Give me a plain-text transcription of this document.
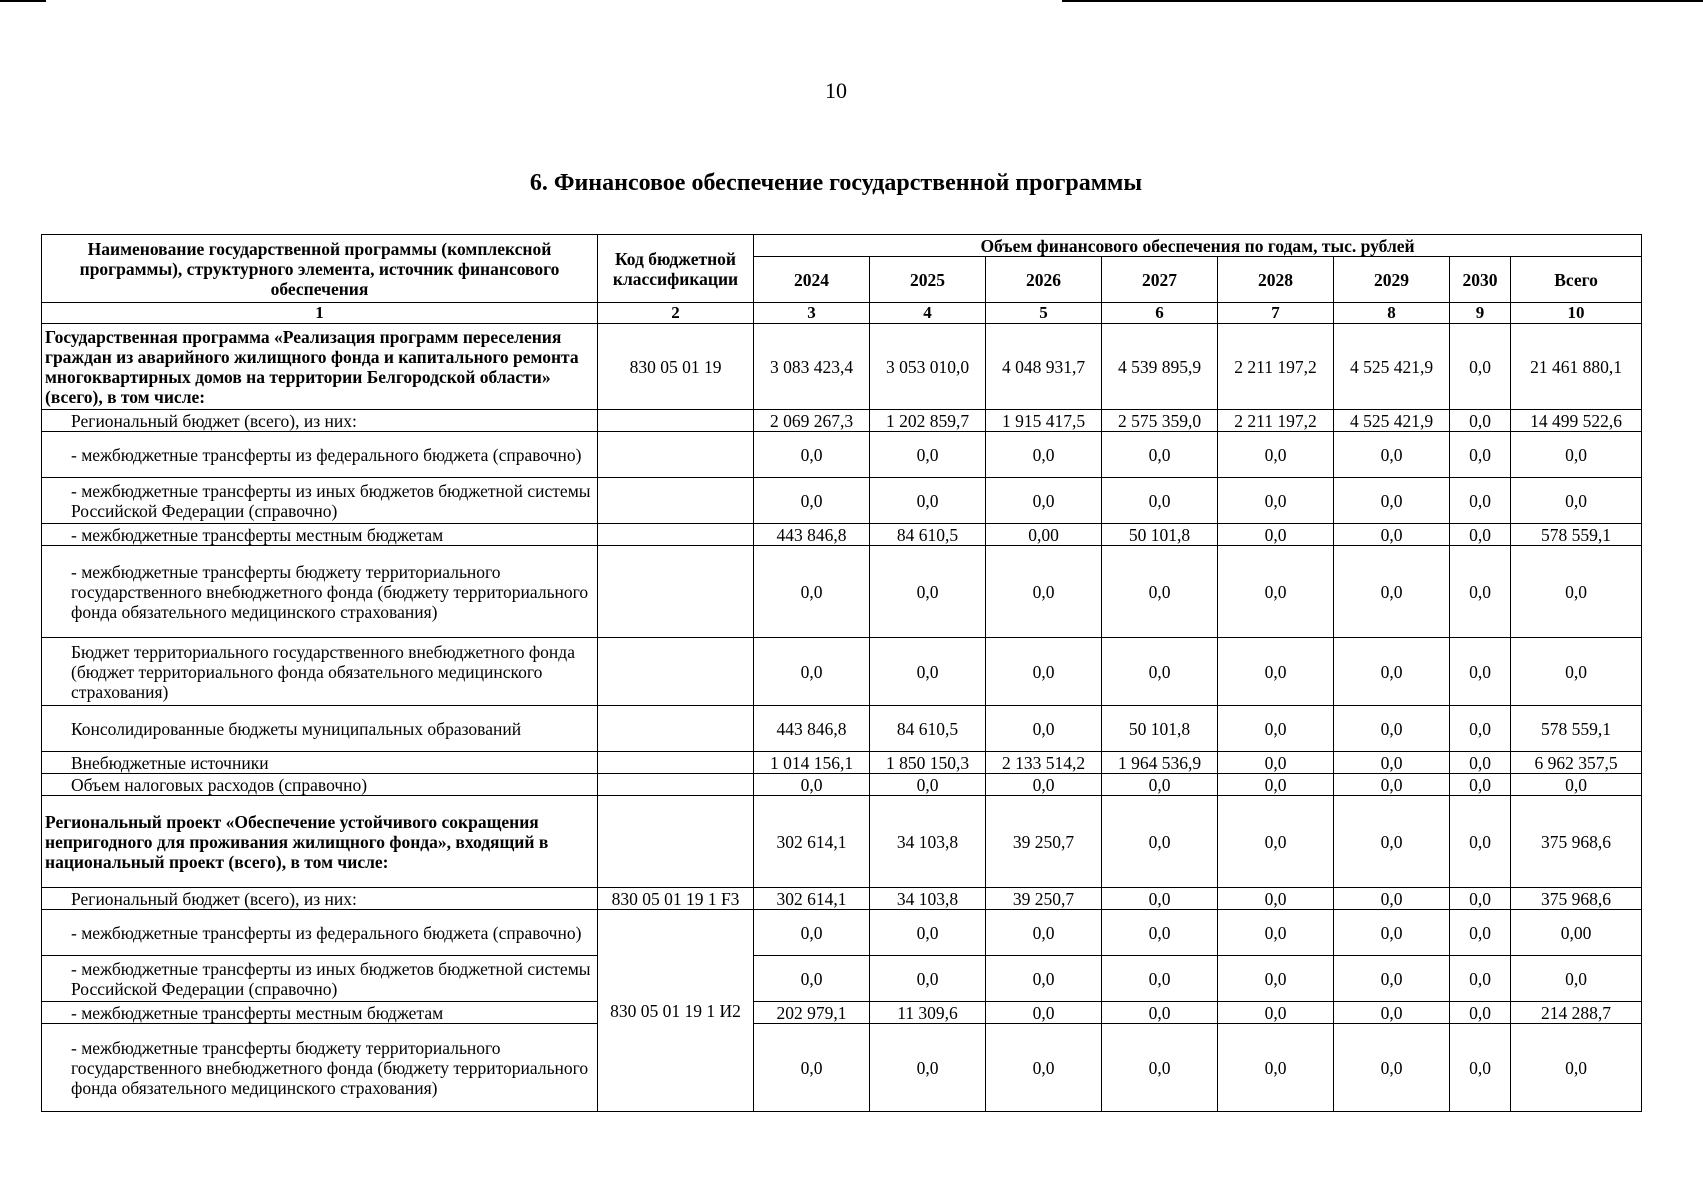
10
6. Финансовое обеспечение государственной программы
Наименование государственной программы (комплексной программы), структурного элемента, источник финансового обеспечения	Код бюджетной классификации	Объем финансового обеспечения по годам, тыс. рублей							
		2024	2025	2026	2027	2028	2029	2030	Всего
1	2	3	4	5	6	7	8	9	10
Государственная программа «Реализация программ переселения граждан из аварийного жилищного фонда и капитального ремонта многоквартирных домов на территории Белгородской области» (всего), в том числе:	830 05 01 19	3 083 423,4	3 053 010,0	4 048 931,7	4 539 895,9	2 211 197,2	4 525 421,9	0,0	21 461 880,1
Региональный бюджет (всего), из них:		2 069 267,3	1 202 859,7	1 915 417,5	2 575 359,0	2 211 197,2	4 525 421,9	0,0	14 499 522,6
- межбюджетные трансферты из федерального бюджета (справочно)		0,0	0,0	0,0	0,0	0,0	0,0	0,0	0,0
- межбюджетные трансферты из иных бюджетов бюджетной системы Российской Федерации (справочно)		0,0	0,0	0,0	0,0	0,0	0,0	0,0	0,0
- межбюджетные трансферты местным бюджетам		443 846,8	84 610,5	0,00	50 101,8	0,0	0,0	0,0	578 559,1
- межбюджетные трансферты бюджету территориального государственного внебюджетного фонда (бюджету территориального фонда обязательного медицинского страхования)		0,0	0,0	0,0	0,0	0,0	0,0	0,0	0,0
Бюджет территориального государственного внебюджетного фонда (бюджет территориального фонда обязательного медицинского страхования)		0,0	0,0	0,0	0,0	0,0	0,0	0,0	0,0
Консолидированные бюджеты муниципальных образований		443 846,8	84 610,5	0,0	50 101,8	0,0	0,0	0,0	578 559,1
Внебюджетные источники		1 014 156,1	1 850 150,3	2 133 514,2	1 964 536,9	0,0	0,0	0,0	6 962 357,5
Объем налоговых расходов (справочно)		0,0	0,0	0,0	0,0	0,0	0,0	0,0	0,0
Региональный проект «Обеспечение устойчивого сокращения непригодного для проживания жилищного фонда», входящий в национальный проект (всего), в том числе:		302 614,1	34 103,8	39 250,7	0,0	0,0	0,0	0,0	375 968,6
Региональный бюджет (всего), из них:	830 05 01 19 1 F3	302 614,1	34 103,8	39 250,7	0,0	0,0	0,0	0,0	375 968,6
- межбюджетные трансферты из федерального бюджета (справочно)	830 05 01 19 1 И2	0,0	0,0	0,0	0,0	0,0	0,0	0,0	0,00
- межбюджетные трансферты из иных бюджетов бюджетной системы Российской Федерации (справочно)		0,0	0,0	0,0	0,0	0,0	0,0	0,0	0,0
- межбюджетные трансферты местным бюджетам		202 979,1	11 309,6	0,0	0,0	0,0	0,0	0,0	214 288,7
- межбюджетные трансферты бюджету территориального государственного внебюджетного фонда (бюджету территориального фонда обязательного медицинского страхования)		0,0	0,0	0,0	0,0	0,0	0,0	0,0	0,0
